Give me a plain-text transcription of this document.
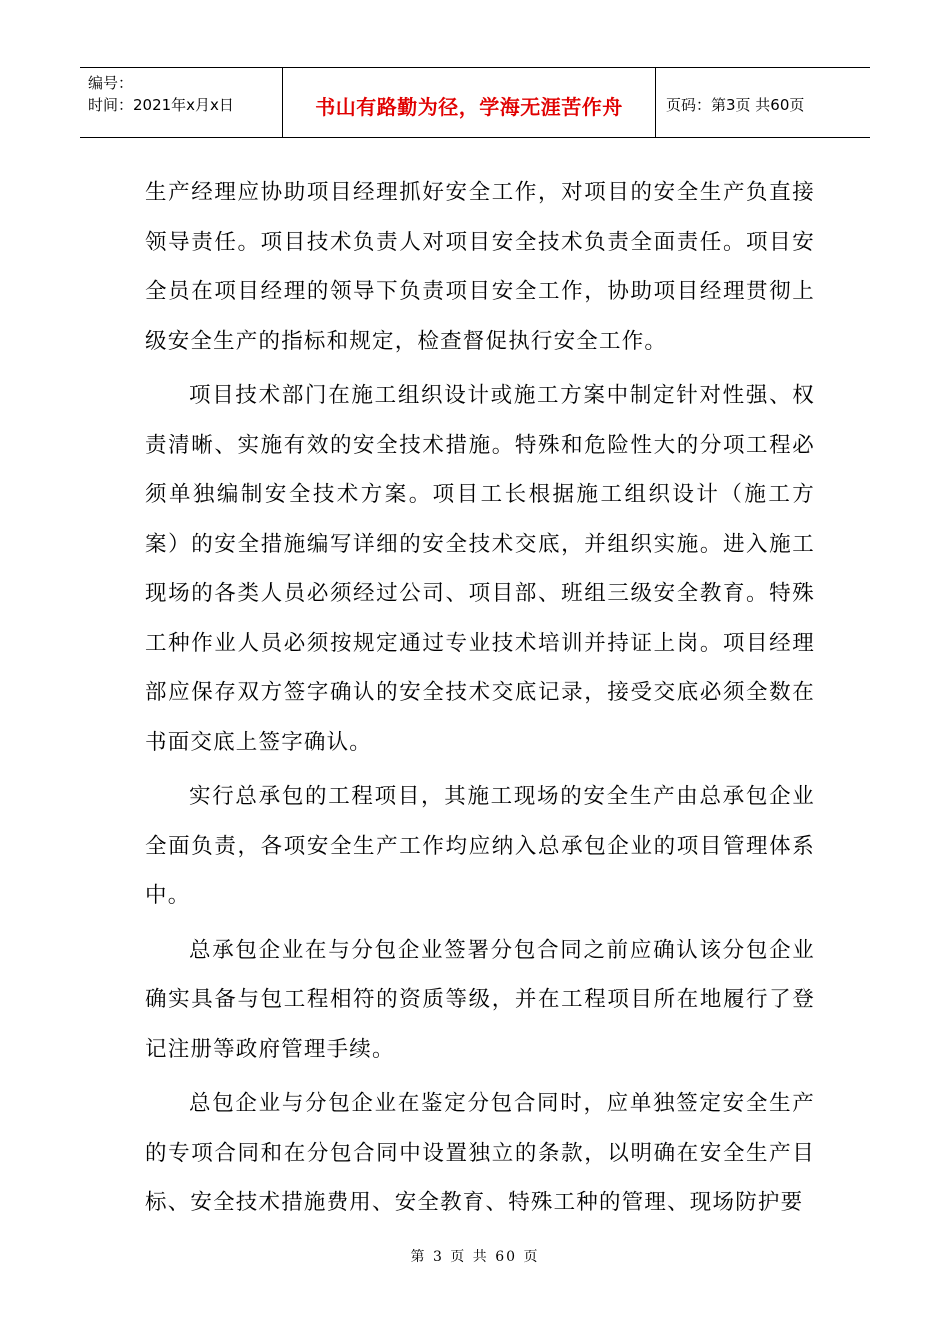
编号：
时间：2021年x月x日	书山有路勤为径，学海无涯苦作舟	页码：第3页 共60页

生产经理应协助项目经理抓好安全工作，对项目的安全生产负直接领导责任。项目技术负责人对项目安全技术负责全面责任。项目安全员在项目经理的领导下负责项目安全工作，协助项目经理贯彻上级安全生产的指标和规定，检查督促执行安全工作。

项目技术部门在施工组织设计或施工方案中制定针对性强、权责清晰、实施有效的安全技术措施。特殊和危险性大的分项工程必须单独编制安全技术方案。项目工长根据施工组织设计（施工方案）的安全措施编写详细的安全技术交底，并组织实施。进入施工现场的各类人员必须经过公司、项目部、班组三级安全教育。特殊工种作业人员必须按规定通过专业技术培训并持证上岗。项目经理部应保存双方签字确认的安全技术交底记录，接受交底必须全数在书面交底上签字确认。

实行总承包的工程项目，其施工现场的安全生产由总承包企业全面负责，各项安全生产工作均应纳入总承包企业的项目管理体系中。

总承包企业在与分包企业签署分包合同之前应确认该分包企业确实具备与包工程相符的资质等级，并在工程项目所在地履行了登记注册等政府管理手续。

总包企业与分包企业在鉴定分包合同时，应单独签定安全生产的专项合同和在分包合同中设置独立的条款，以明确在安全生产目标、安全技术措施费用、安全教育、特殊工种的管理、现场防护要

第 3 页 共 60 页
